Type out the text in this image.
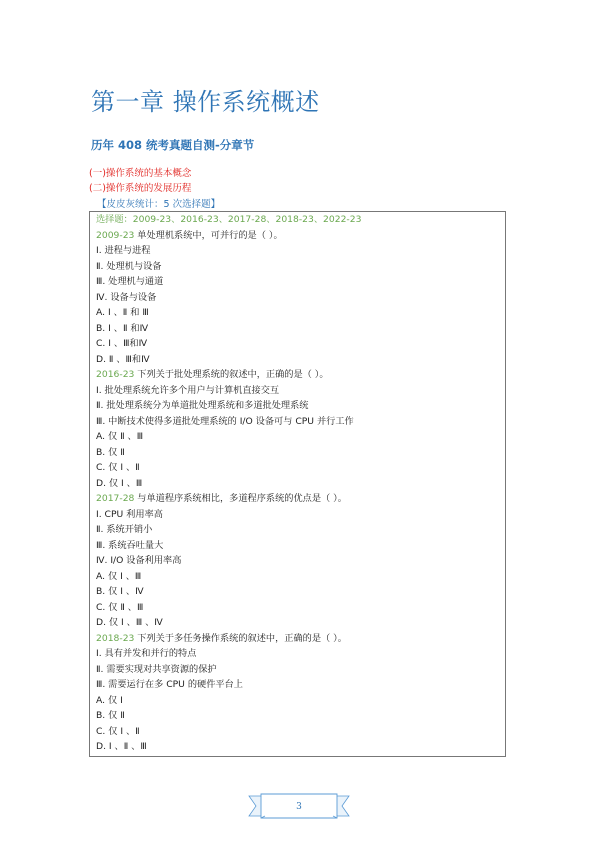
第一章 操作系统概述
历年 408 统考真题自测-分章节
(一)操作系统的基本概念
(二)操作系统的发展历程
【皮皮灰统计：5 次选择题】
选择题：2009-23、2016-23、2017-28、2018-23、2022-23
2009-23 单处理机系统中，可并行的是（ ）。
Ⅰ. 进程与进程
Ⅱ. 处理机与设备
Ⅲ. 处理机与通道
Ⅳ. 设备与设备
A. Ⅰ 、Ⅱ 和 Ⅲ
B. Ⅰ 、Ⅱ 和Ⅳ
C. Ⅰ 、Ⅲ和Ⅳ
D. Ⅱ 、Ⅲ和Ⅳ
2016-23 下列关于批处理系统的叙述中，正确的是（ ）。
Ⅰ. 批处理系统允许多个用户与计算机直接交互
Ⅱ. 批处理系统分为单道批处理系统和多道批处理系统
Ⅲ. 中断技术使得多道批处理系统的 I/O 设备可与 CPU 并行工作
A. 仅 Ⅱ 、Ⅲ
B. 仅 Ⅱ
C. 仅 Ⅰ 、Ⅱ
D. 仅 Ⅰ 、Ⅲ
2017-28 与单道程序系统相比，多道程序系统的优点是（ ）。
Ⅰ. CPU 利用率高
Ⅱ. 系统开销小
Ⅲ. 系统吞吐量大
Ⅳ. I/O 设备利用率高
A. 仅 Ⅰ 、Ⅲ
B. 仅 Ⅰ 、Ⅳ
C. 仅 Ⅱ 、Ⅲ
D. 仅 Ⅰ 、Ⅲ 、Ⅳ
2018-23 下列关于多任务操作系统的叙述中，正确的是（ ）。
Ⅰ. 具有并发和并行的特点
Ⅱ. 需要实现对共享资源的保护
Ⅲ. 需要运行在多 CPU 的硬件平台上
A. 仅 Ⅰ
B. 仅 Ⅱ
C. 仅 Ⅰ 、Ⅱ
D. Ⅰ 、Ⅱ 、Ⅲ
3
